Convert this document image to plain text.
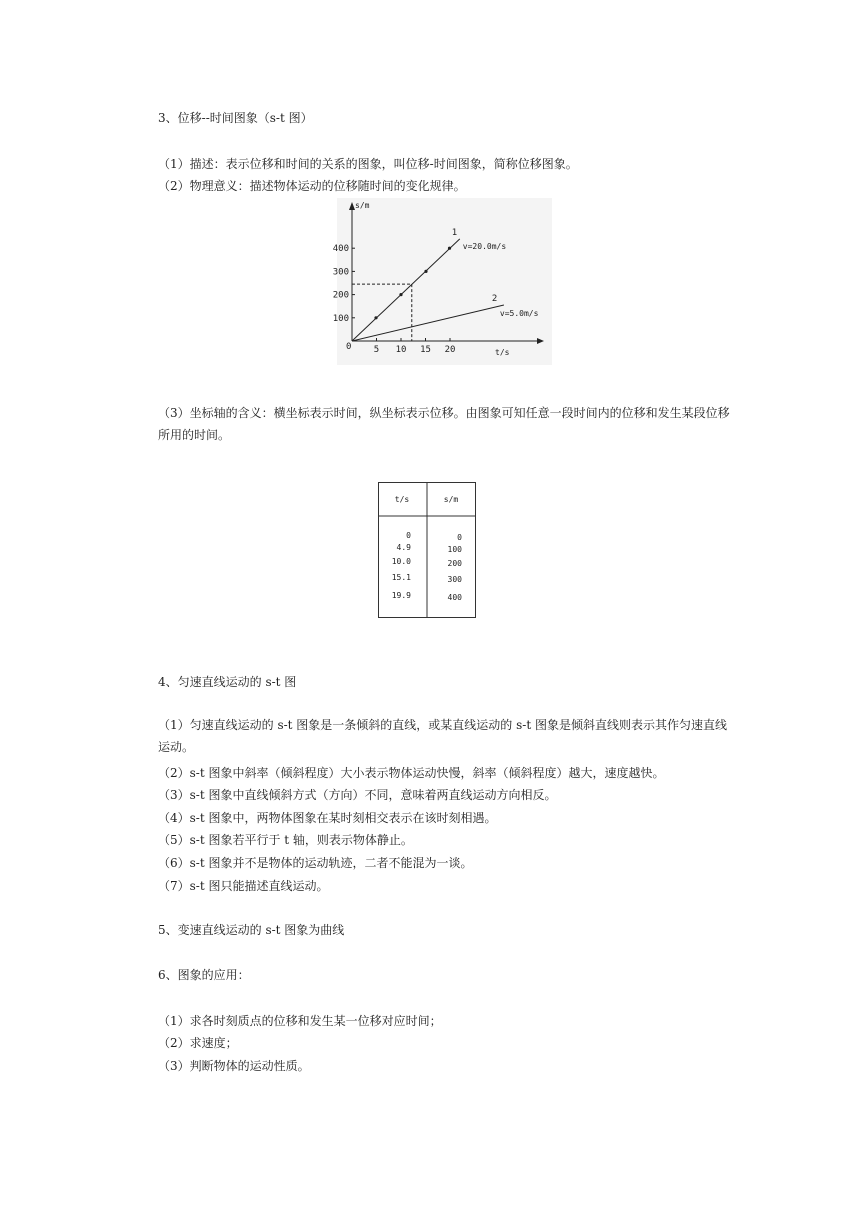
3、位移--时间图象（s-t 图）
（1）描述：表示位移和时间的关系的图象，叫位移-时间图象，简称位移图象。
（2）物理意义：描述物体运动的位移随时间的变化规律。
s/m
t/s
0 5 10 15 20
100
200
300
400
1
v=20.0m/s
2
v=5.0m/s
（3）坐标轴的含义：横坐标表示时间，纵坐标表示位移。由图象可知任意一段时间内的位移和发生某段位移所用的时间。
t/s	s/m
0	0
4.9	100
10.0	200
15.1	300
19.9	400
4、匀速直线运动的 s-t 图
（1）匀速直线运动的 s-t 图象是一条倾斜的直线，或某直线运动的 s-t 图象是倾斜直线则表示其作匀速直线运动。
（2）s-t 图象中斜率（倾斜程度）大小表示物体运动快慢，斜率（倾斜程度）越大，速度越快。
（3）s-t 图象中直线倾斜方式（方向）不同，意味着两直线运动方向相反。
（4）s-t 图象中，两物体图象在某时刻相交表示在该时刻相遇。
（5）s-t 图象若平行于 t 轴，则表示物体静止。
（6）s-t 图象并不是物体的运动轨迹，二者不能混为一谈。
（7）s-t 图只能描述直线运动。
5、变速直线运动的 s-t 图象为曲线
6、图象的应用：
（1）求各时刻质点的位移和发生某一位移对应时间；
（2）求速度；
（3）判断物体的运动性质。
